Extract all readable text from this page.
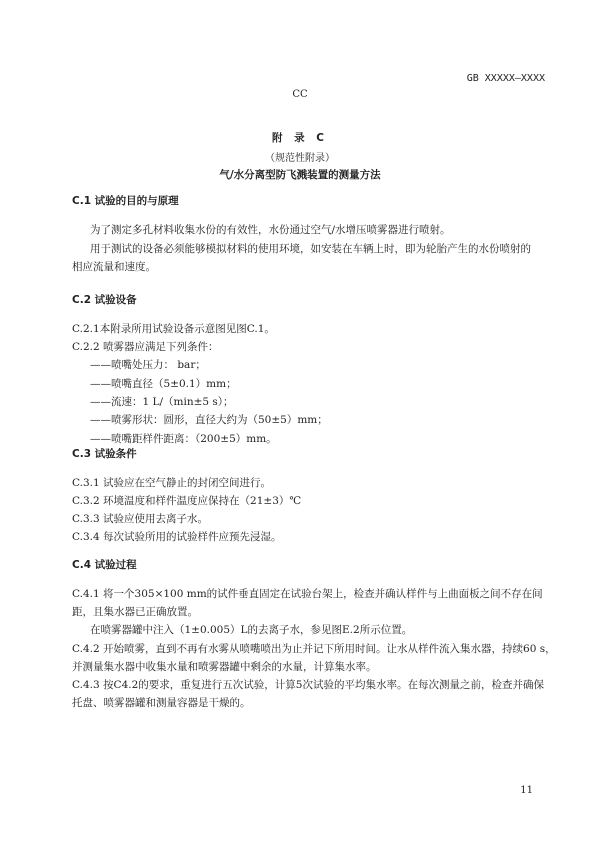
GB XXXXX—XXXX
CC
附 录 C
（规范性附录）
气/水分离型防飞溅装置的测量方法
C.1 试验的目的与原理
为了测定多孔材料收集水份的有效性，水份通过空气/水增压喷雾器进行喷射。
用于测试的设备必须能够模拟材料的使用环境，如安装在车辆上时，即为轮胎产生的水份喷射的
相应流量和速度。
C.2 试验设备
C.2.1本附录所用试验设备示意图见图C.1。
C.2.2 喷雾器应满足下列条件：
——喷嘴处压力： bar；
——喷嘴直径（5±0.1）mm；
——流速：1 L/（min±5 s）；
——喷雾形状：圆形，直径大约为（50±5）mm；
——喷嘴距样件距离：（200±5）mm。
C.3 试验条件
C.3.1 试验应在空气静止的封闭空间进行。
C.3.2 环境温度和样件温度应保持在（21±3）℃
C.3.3 试验应使用去离子水。
C.3.4 每次试验所用的试验样件应预先浸湿。
C.4 试验过程
C.4.1 将一个305×100 mm的试件垂直固定在试验台架上，检查并确认样件与上曲面板之间不存在间
距，且集水器已正确放置。
在喷雾器罐中注入（1±0.005）L的去离子水，参见图E.2所示位置。
C.4.2 开始喷雾，直到不再有水雾从喷嘴喷出为止并记下所用时间。让水从样件流入集水器，持续60 s，
并测量集水器中收集水量和喷雾器罐中剩余的水量，计算集水率。
C.4.3 按C4.2的要求，重复进行五次试验，计算5次试验的平均集水率。在每次测量之前，检查并确保
托盘、喷雾器罐和测量容器是干燥的。
11
